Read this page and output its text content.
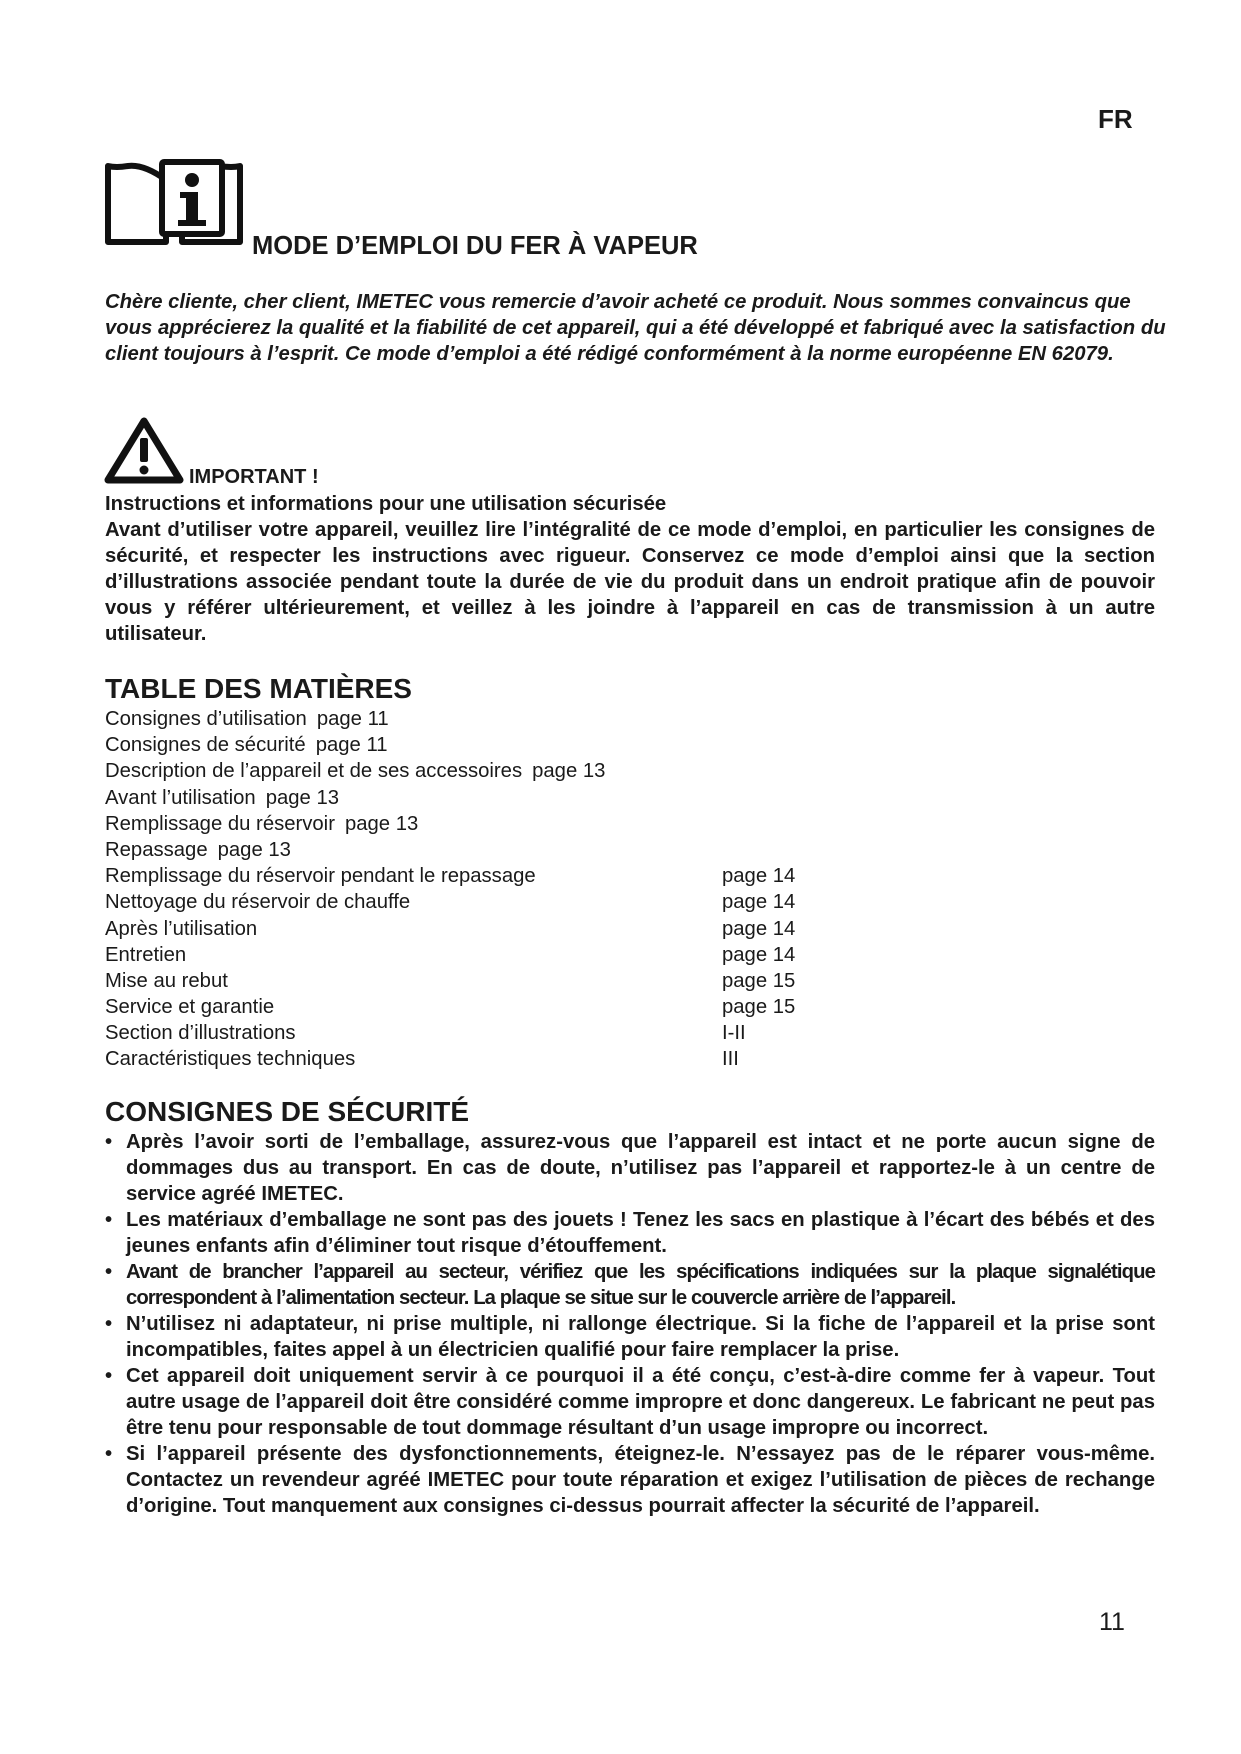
FR
MODE D’EMPLOI DU FER À VAPEUR
Chère cliente, cher client, IMETEC vous remercie d’avoir acheté ce produit. Nous sommes convaincus que vous apprécierez la qualité et la fiabilité de cet appareil, qui a été développé et fabriqué avec la satisfaction du client toujours à l’esprit. Ce mode d’emploi a été rédigé conformément à la norme européenne EN 62079.
IMPORTANT !

Instructions et informations pour une utilisation sécurisée

Avant d’utiliser votre appareil, veuillez lire l’intégralité de ce mode d’emploi, en particulier les consignes de sécurité, et respecter les instructions avec rigueur. Conservez ce mode d’emploi ainsi que la section d’illustrations associée pendant toute la durée de vie du produit dans un endroit pratique afin de pouvoir vous y référer ultérieurement, et veillez à les joindre à l’appareil en cas de transmission à un autre utilisateur.

TABLE DES MATIÈRES
Consignes d’utilisation page 11
Consignes de sécurité page 11
Description de l’appareil et de ses accessoires page 13
Avant l’utilisation page 13
Remplissage du réservoir page 13
Repassage page 13
Remplissage du réservoir pendant le repassage	page 14
Nettoyage du réservoir de chauffe	page 14
Après l’utilisation	page 14
Entretien	page 14
Mise au rebut	page 15
Service et garantie	page 15
Section d’illustrations	I-II
Caractéristiques techniques	III
CONSIGNES DE SÉCURITÉ
• Après l’avoir sorti de l’emballage, assurez-vous que l’appareil est intact et ne porte aucun signe de dommages dus au transport. En cas de doute, n’utilisez pas l’appareil et rapportez-le à un centre de service agréé IMETEC.
• Les matériaux d’emballage ne sont pas des jouets ! Tenez les sacs en plastique à l’écart des bébés et des jeunes enfants afin d’éliminer tout risque d’étouffement.
• Avant de brancher l’appareil au secteur, vérifiez que les spécifications indiquées sur la plaque signalétique correspondent à l’alimentation secteur. La plaque se situe sur le couvercle arrière de l’appareil.
• N’utilisez ni adaptateur, ni prise multiple, ni rallonge électrique. Si la fiche de l’appareil et la prise sont incompatibles, faites appel à un électricien qualifié pour faire remplacer la prise.
• Cet appareil doit uniquement servir à ce pourquoi il a été conçu, c’est-à-dire comme fer à vapeur. Tout autre usage de l’appareil doit être considéré comme impropre et donc dangereux. Le fabricant ne peut pas être tenu pour responsable de tout dommage résultant d’un usage impropre ou incorrect.
• Si l’appareil présente des dysfonctionnements, éteignez-le. N’essayez pas de le réparer vous-même. Contactez un revendeur agréé IMETEC pour toute réparation et exigez l’utilisation de pièces de rechange d’origine. Tout manquement aux consignes ci-dessus pourrait affecter la sécurité de l’appareil.
11
